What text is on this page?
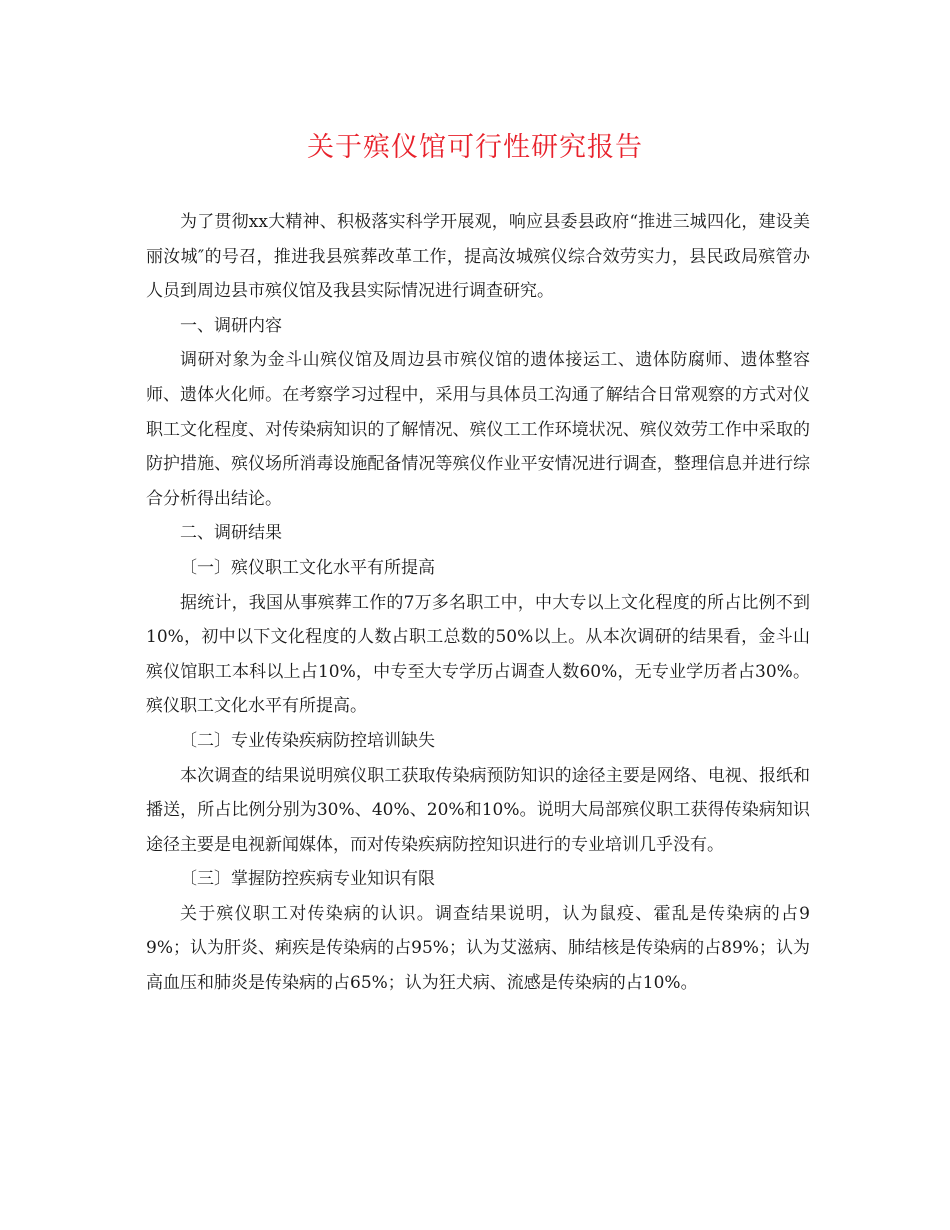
关于殡仪馆可行性研究报告

为了贯彻xx大精神、积极落实科学开展观，响应县委县政府“推进三城四化，建设美丽汝城″的号召，推进我县殡葬改革工作，提高汝城殡仪综合效劳实力，县民政局殡管办人员到周边县市殡仪馆及我县实际情况进行调查研究。

一、调研内容

调研对象为金斗山殡仪馆及周边县市殡仪馆的遗体接运工、遗体防腐师、遗体整容师、遗体火化师。在考察学习过程中，采用与具体员工沟通了解结合日常观察的方式对仪职工文化程度、对传染病知识的了解情况、殡仪工工作环境状况、殡仪效劳工作中采取的防护措施、殡仪场所消毒设施配备情况等殡仪作业平安情况进行调查，整理信息并进行综合分析得出结论。

二、调研结果

〔一〕殡仪职工文化水平有所提高

据统计，我国从事殡葬工作的7万多名职工中，中大专以上文化程度的所占比例不到10%，初中以下文化程度的人数占职工总数的50%以上。从本次调研的结果看，金斗山殡仪馆职工本科以上占10%，中专至大专学历占调查人数60%，无专业学历者占30%。殡仪职工文化水平有所提高。

〔二〕专业传染疾病防控培训缺失

本次调查的结果说明殡仪职工获取传染病预防知识的途径主要是网络、电视、报纸和播送，所占比例分别为30%、40%、20%和10%。说明大局部殡仪职工获得传染病知识途径主要是电视新闻媒体，而对传染疾病防控知识进行的专业培训几乎没有。

〔三〕掌握防控疾病专业知识有限

关于殡仪职工对传染病的认识。调查结果说明，认为鼠疫、霍乱是传染病的占99%；认为肝炎、痢疾是传染病的占95%；认为艾滋病、肺结核是传染病的占89%；认为高血压和肺炎是传染病的占65%；认为狂犬病、流感是传染病的占10%。
